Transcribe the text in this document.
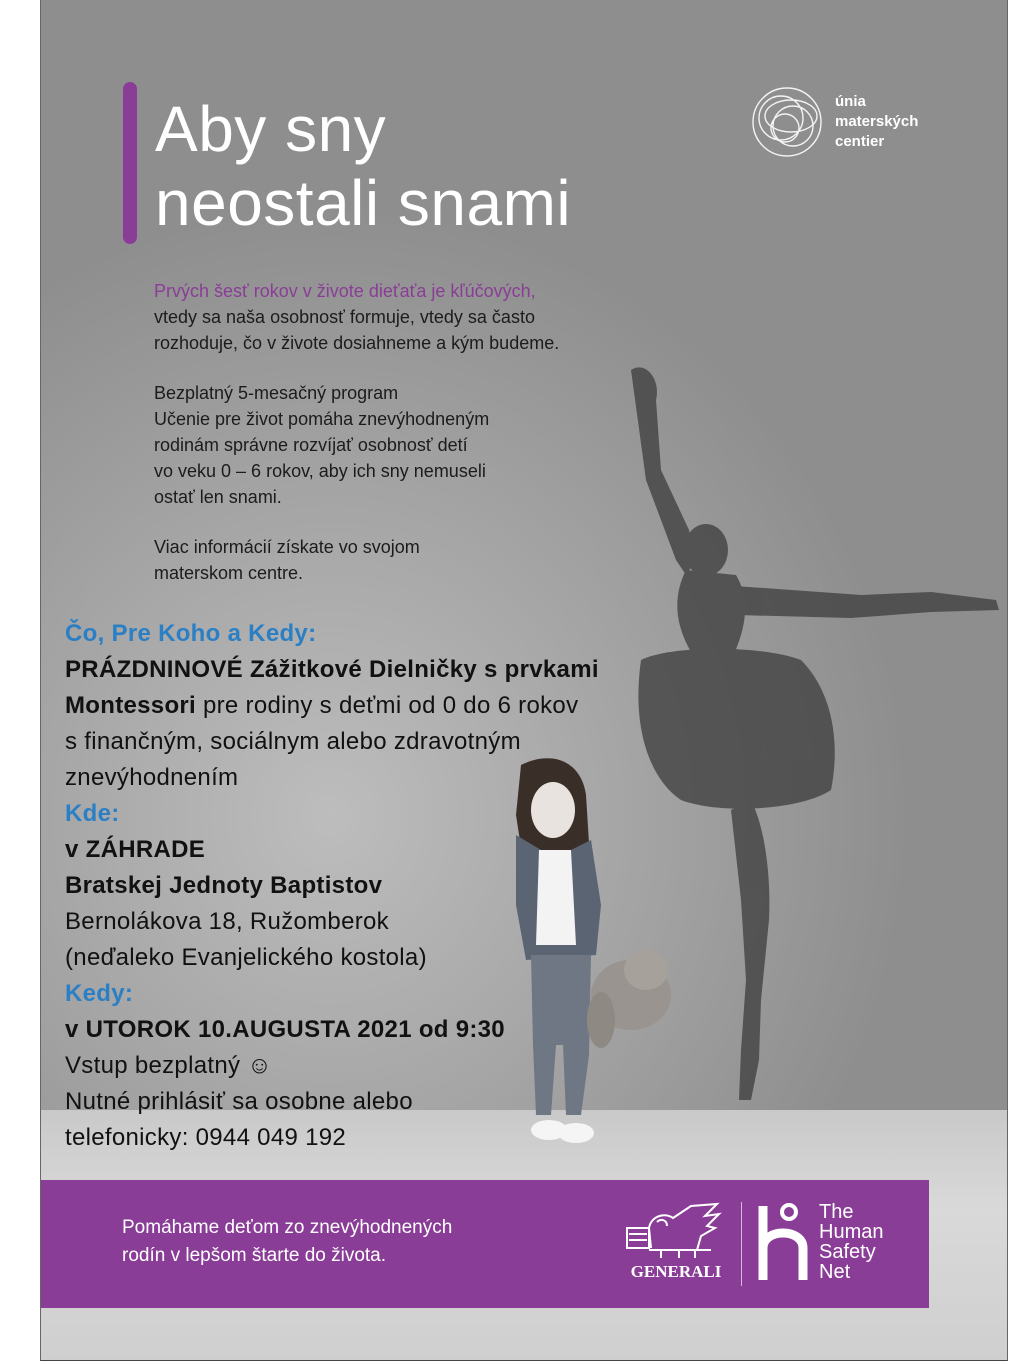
Aby sny
neostali snami
únia
materských
centier

Prvých šesť rokov v živote dieťaťa je kľúčových,
vtedy sa naša osobnosť formuje, vtedy sa často
rozhoduje, čo v živote dosiahneme a kým budeme.

Bezplatný 5-mesačný program
Učenie pre život pomáha znevýhodneným
rodinám správne rozvíjať osobnosť detí
vo veku 0 – 6 rokov, aby ich sny nemuseli
ostať len snami.

Viac informácií získate vo svojom
materskom centre.

Čo, Pre Koho a Kedy:
PRÁZDNINOVÉ Zážitkové Dielničky s prvkami
Montessori pre rodiny s deťmi od 0 do 6 rokov
s finančným, sociálnym alebo zdravotným
znevýhodnením
Kde:
v ZÁHRADE
Bratskej Jednoty Baptistov
Bernolákova 18, Ružomberok
(neďaleko Evanjelického kostola)
Kedy:
v UTOROK 10.AUGUSTA 2021 od 9:30
Vstup bezplatný ☺
Nutné prihlásiť sa osobne alebo
telefonicky: 0944 049 192
Pomáhame deťom zo znevýhodnených
rodín v lepšom štarte do života.
GENERALI
The
Human
Safety
Net
